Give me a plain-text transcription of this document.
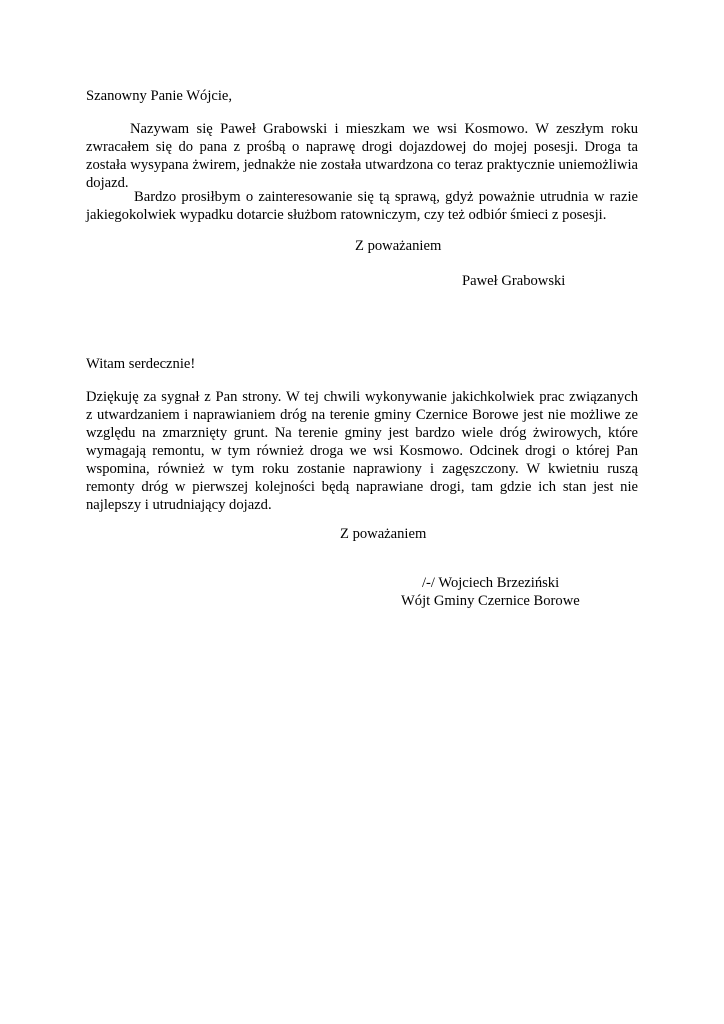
Szanowny Panie Wójcie,
Nazywam się Paweł Grabowski i mieszkam we wsi Kosmowo. W zeszłym roku
zwracałem się do pana z prośbą o naprawę drogi dojazdowej do mojej posesji. Droga ta
została wysypana żwirem, jednakże nie została utwardzona co teraz praktycznie uniemożliwia
dojazd.
Bardzo prosiłbym o zainteresowanie się tą sprawą, gdyż poważnie utrudnia w razie
jakiegokolwiek wypadku dotarcie służbom ratowniczym, czy też odbiór śmieci z posesji.
Z poważaniem
Paweł Grabowski
Witam serdecznie!
Dziękuję za sygnał z Pan strony. W tej chwili wykonywanie jakichkolwiek prac związanych
z utwardzaniem i naprawianiem dróg na terenie gminy Czernice Borowe jest nie możliwe ze
względu na zmarznięty grunt. Na terenie gminy jest bardzo wiele dróg żwirowych, które
wymagają remontu, w tym również droga we wsi Kosmowo. Odcinek drogi o której Pan
wspomina, również w tym roku zostanie naprawiony i zagęszczony. W kwietniu ruszą
remonty dróg w pierwszej kolejności będą naprawiane drogi, tam gdzie ich stan jest nie
najlepszy i utrudniający dojazd.
Z poważaniem
/-/ Wojciech Brzeziński
Wójt Gminy Czernice Borowe
